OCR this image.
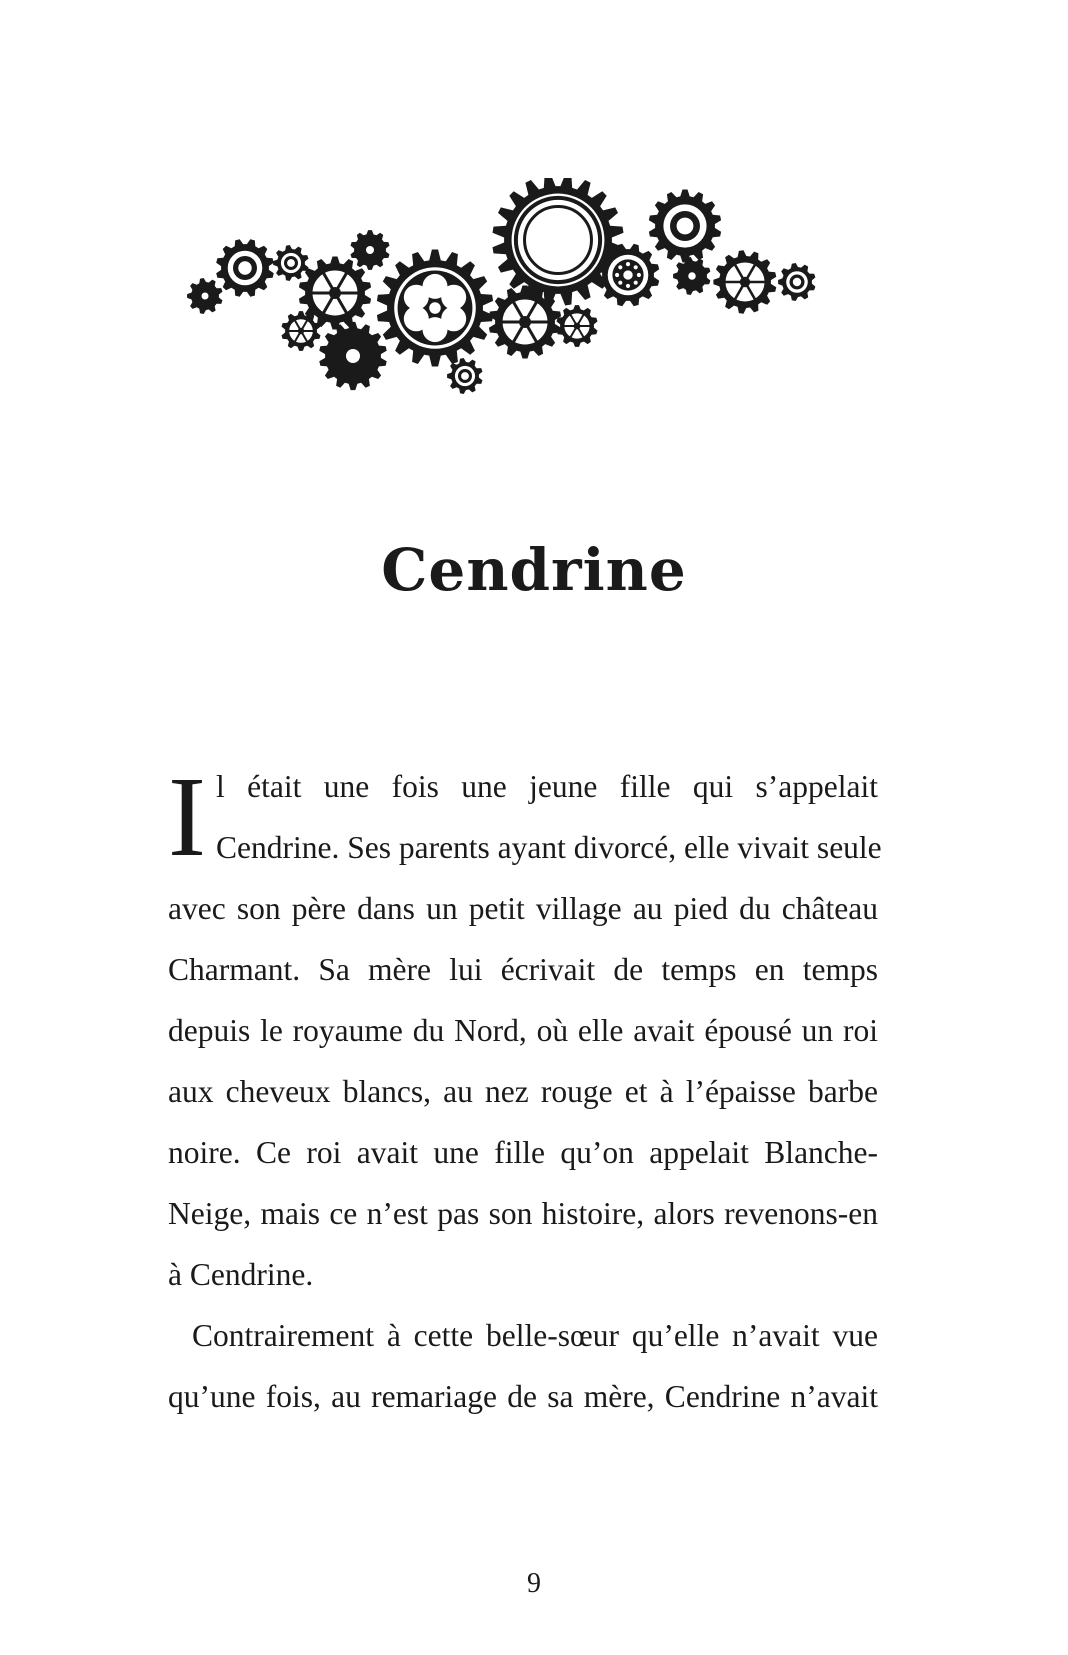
Cendrine
I l était une fois une jeune fille qui s’appelait
Cendrine. Ses parents ayant divorcé, elle vivait seule
avec son père dans un petit village au pied du château
Charmant. Sa mère lui écrivait de temps en temps
depuis le royaume du Nord, où elle avait épousé un roi
aux cheveux blancs, au nez rouge et à l’épaisse barbe
noire. Ce roi avait une fille qu’on appelait Blanche-
Neige, mais ce n’est pas son histoire, alors revenons-en
à Cendrine.
Contrairement à cette belle-sœur qu’elle n’avait vue
qu’une fois, au remariage de sa mère, Cendrine n’avait
9
